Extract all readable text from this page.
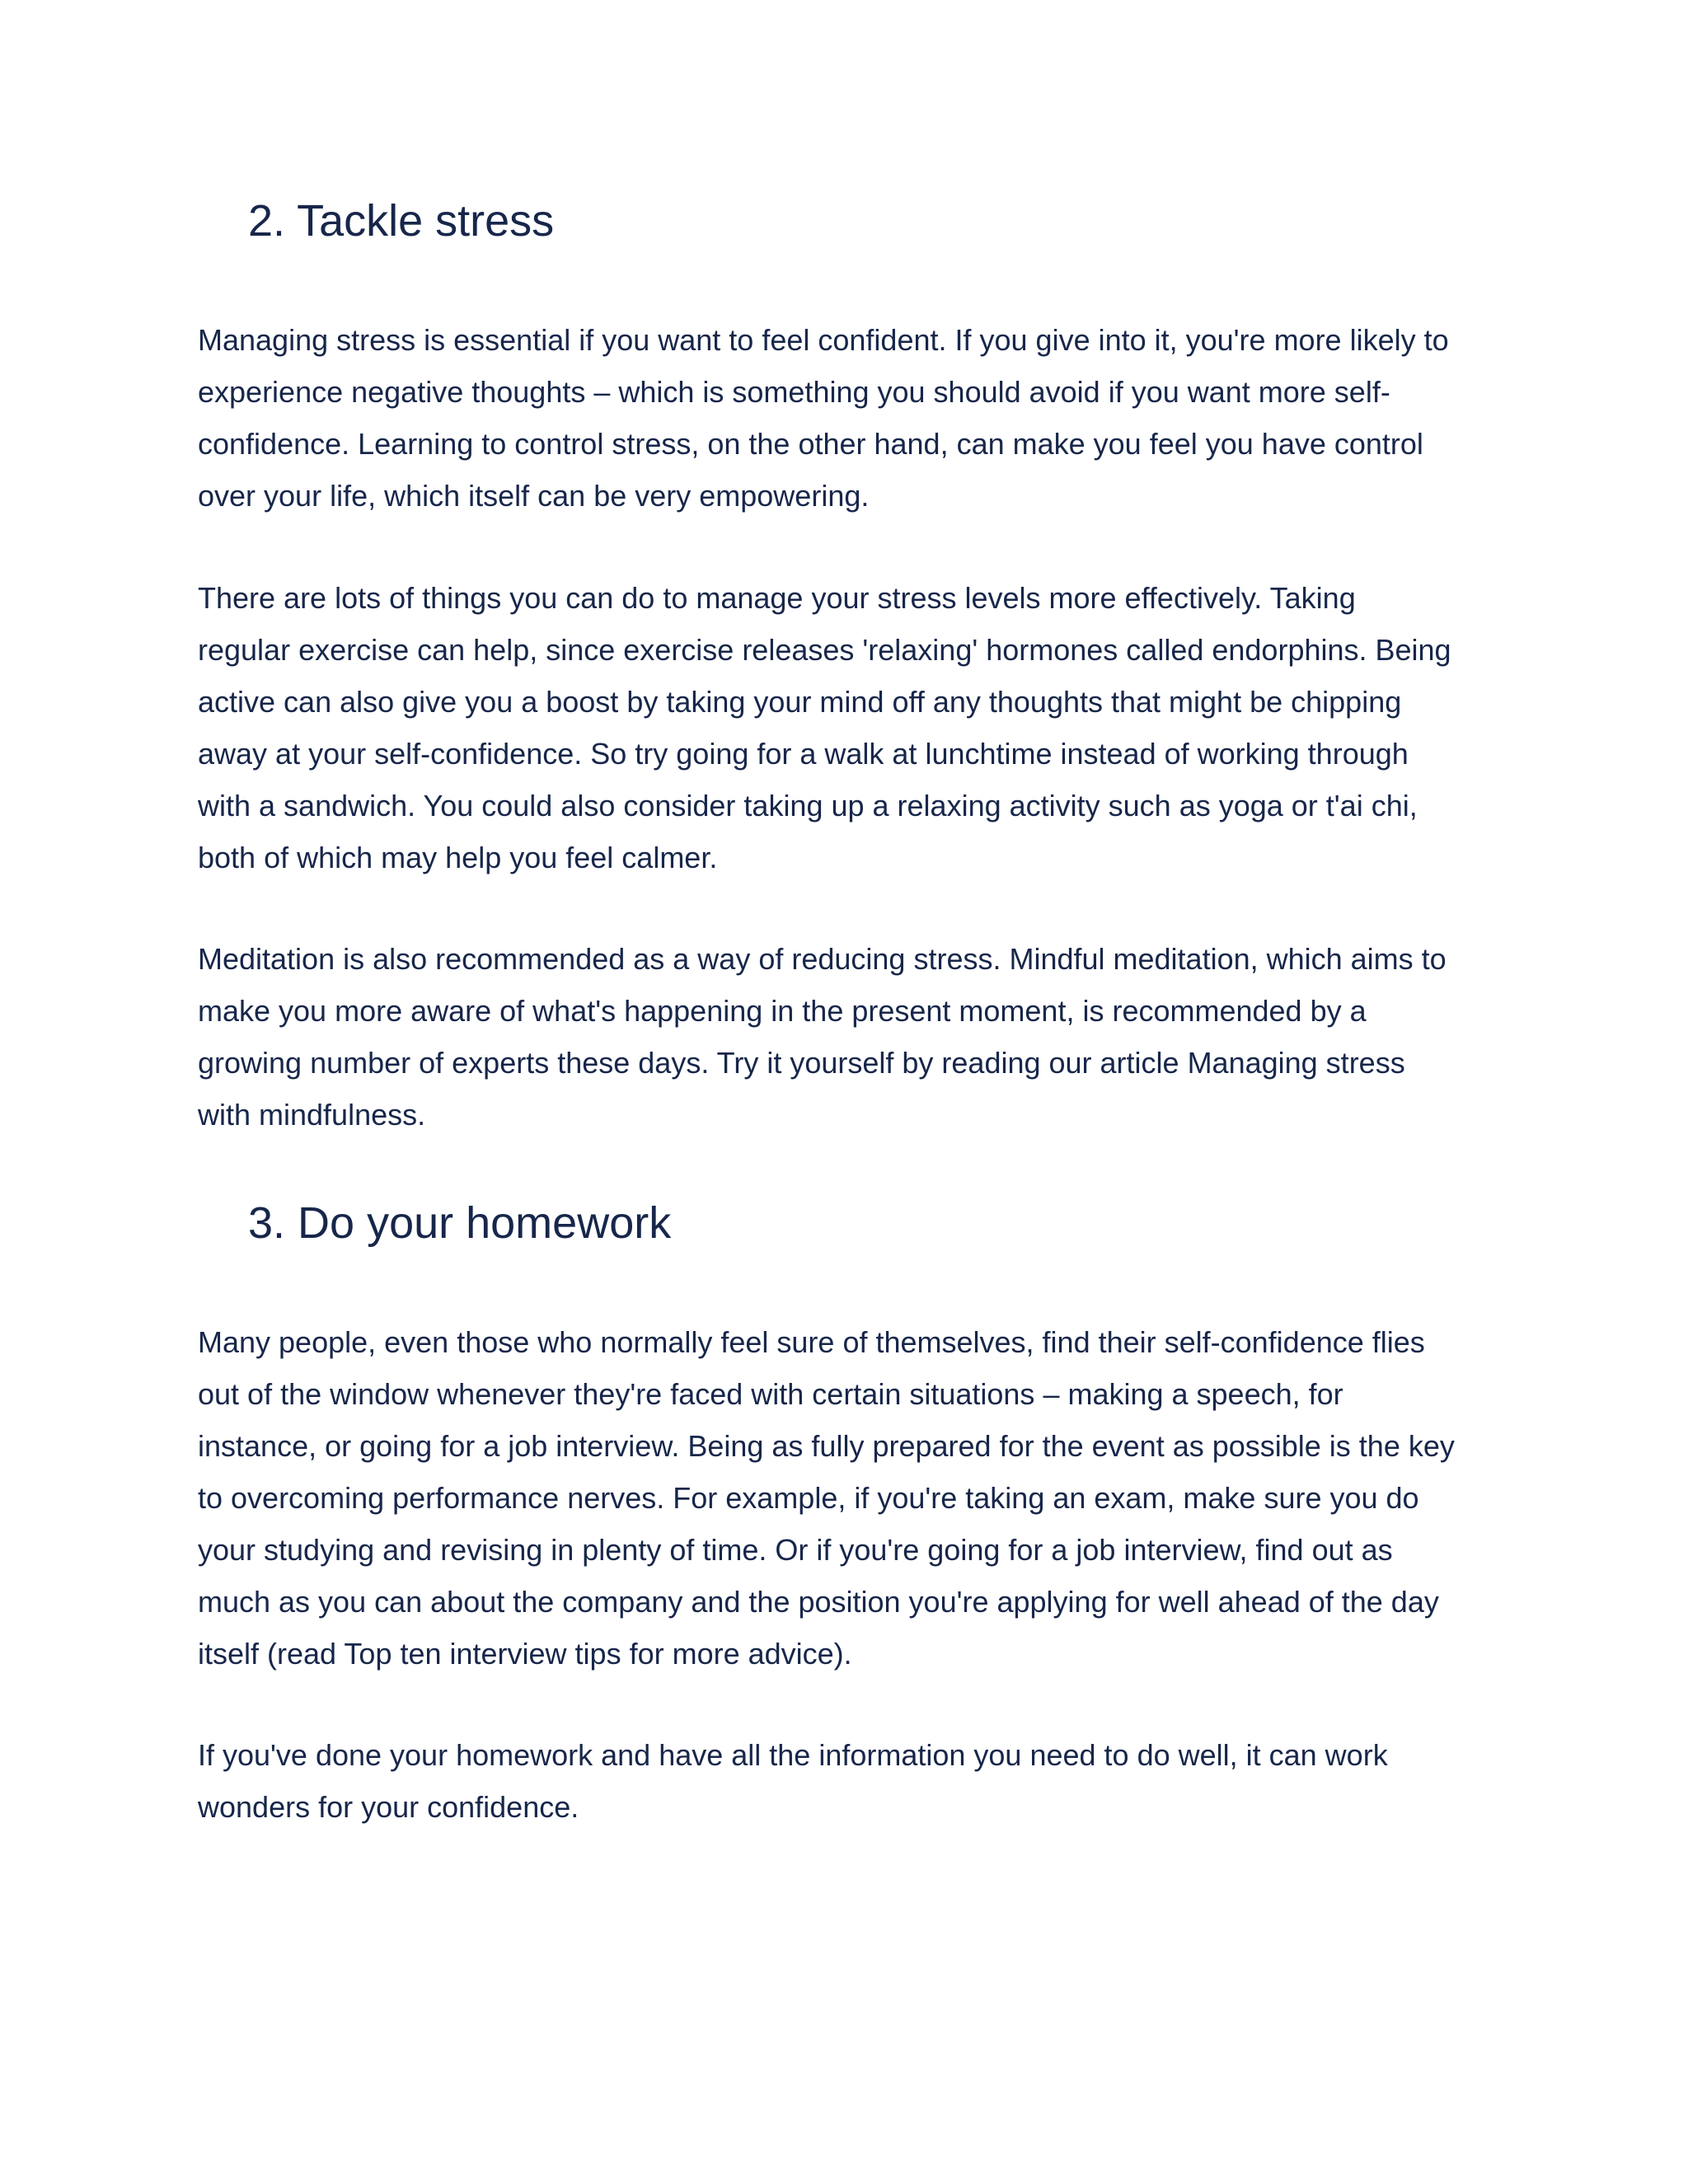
2. Tackle stress
Managing stress is essential if you want to feel confident. If you give into it, you're more likely to
experience negative thoughts – which is something you should avoid if you want more self-
confidence. Learning to control stress, on the other hand, can make you feel you have control
over your life, which itself can be very empowering.
There are lots of things you can do to manage your stress levels more effectively. Taking
regular exercise can help, since exercise releases 'relaxing' hormones called endorphins. Being
active can also give you a boost by taking your mind off any thoughts that might be chipping
away at your self-confidence. So try going for a walk at lunchtime instead of working through
with a sandwich. You could also consider taking up a relaxing activity such as yoga or t'ai chi,
both of which may help you feel calmer.
Meditation is also recommended as a way of reducing stress. Mindful meditation, which aims to
make you more aware of what's happening in the present moment, is recommended by a
growing number of experts these days. Try it yourself by reading our article Managing stress
with mindfulness.
3. Do your homework
Many people, even those who normally feel sure of themselves, find their self-confidence flies
out of the window whenever they're faced with certain situations – making a speech, for
instance, or going for a job interview. Being as fully prepared for the event as possible is the key
to overcoming performance nerves. For example, if you're taking an exam, make sure you do
your studying and revising in plenty of time. Or if you're going for a job interview, find out as
much as you can about the company and the position you're applying for well ahead of the day
itself (read Top ten interview tips for more advice).
If you've done your homework and have all the information you need to do well, it can work
wonders for your confidence.
